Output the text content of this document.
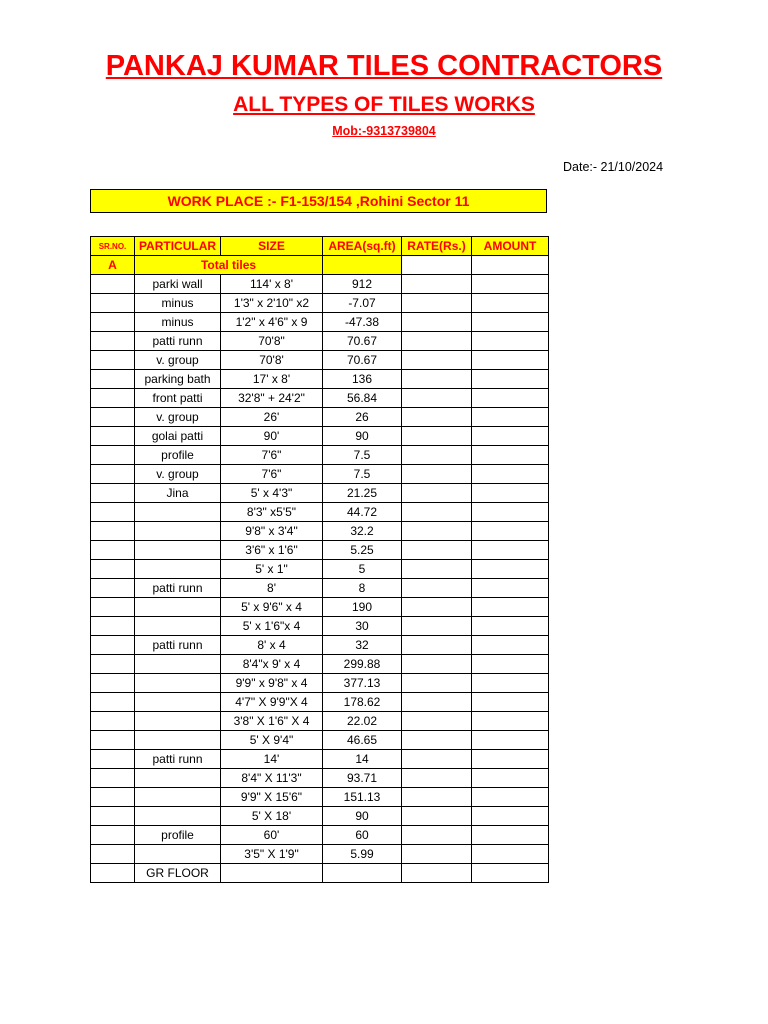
PANKAJ KUMAR TILES CONTRACTORS
ALL TYPES OF TILES WORKS
Mob:-9313739804
Date:- 21/10/2024
WORK PLACE :- F1-153/154 ,Rohini Sector 11
SR.NO.	PARTICULAR	SIZE	AREA(sq.ft)	RATE(Rs.)	AMOUNT
A	Total tiles				
	parki wall	114' x 8'	912		
	minus	1'3" x 2'10" x2	-7.07		
	minus	1'2" x 4'6" x 9	-47.38		
	patti runn	70'8"	70.67		
	v. group	70'8'	70.67		
	parking bath	17' x 8'	136		
	front patti	32'8" + 24'2"	56.84		
	v. group	26'	26		
	golai patti	90'	90		
	profile	7'6"	7.5		
	v. group	7'6"	7.5		
	Jina	5' x 4'3"	21.25		
		8'3" x5'5"	44.72		
		9'8" x 3'4"	32.2		
		3'6" x 1'6"	5.25		
		5' x 1"	5		
	patti runn	8'	8		
		5' x 9'6" x 4	190		
		5' x 1'6"x 4	30		
	patti runn	8' x 4	32		
		8'4"x 9' x 4	299.88		
		9'9" x 9'8" x 4	377.13		
		4'7" X 9'9"X 4	178.62		
		3'8" X 1'6" X 4	22.02		
		5' X 9'4"	46.65		
	patti runn	14'	14		
		8'4" X 11'3"	93.71		
		9'9" X 15'6"	151.13		
		5' X 18'	90		
	profile	60'	60		
		3'5" X 1'9"	5.99		
	GR FLOOR				
